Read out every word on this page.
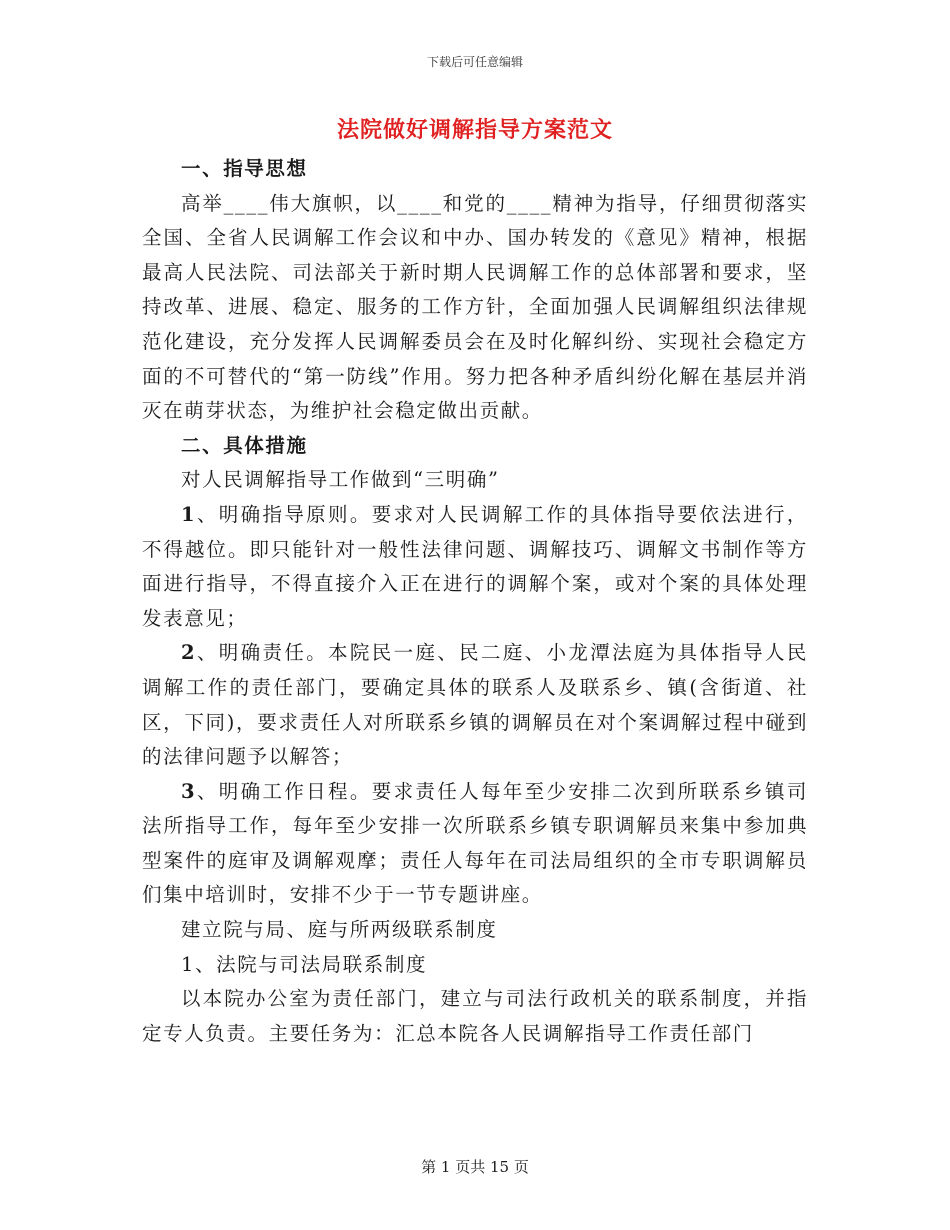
下载后可任意编辑
法院做好调解指导方案范文

一、指导思想

高举____伟大旗帜，以____和党的____精神为指导，仔细贯彻落实全国、全省人民调解工作会议和中办、国办转发的《意见》精神，根据最高人民法院、司法部关于新时期人民调解工作的总体部署和要求，坚持改革、进展、稳定、服务的工作方针，全面加强人民调解组织法律规范化建设，充分发挥人民调解委员会在及时化解纠纷、实现社会稳定方面的不可替代的“第一防线”作用。努力把各种矛盾纠纷化解在基层并消灭在萌芽状态，为维护社会稳定做出贡献。

二、具体措施

对人民调解指导工作做到“三明确”

1、明确指导原则。要求对人民调解工作的具体指导要依法进行，不得越位。即只能针对一般性法律问题、调解技巧、调解文书制作等方面进行指导，不得直接介入正在进行的调解个案，或对个案的具体处理发表意见；

2、明确责任。本院民一庭、民二庭、小龙潭法庭为具体指导人民调解工作的责任部门，要确定具体的联系人及联系乡、镇(含街道、社区，下同)，要求责任人对所联系乡镇的调解员在对个案调解过程中碰到的法律问题予以解答；

3、明确工作日程。要求责任人每年至少安排二次到所联系乡镇司法所指导工作，每年至少安排一次所联系乡镇专职调解员来集中参加典型案件的庭审及调解观摩；责任人每年在司法局组织的全市专职调解员们集中培训时，安排不少于一节专题讲座。

建立院与局、庭与所两级联系制度

1、法院与司法局联系制度

以本院办公室为责任部门，建立与司法行政机关的联系制度，并指定专人负责。主要任务为：汇总本院各人民调解指导工作责任部门

第 1 页共 15 页
